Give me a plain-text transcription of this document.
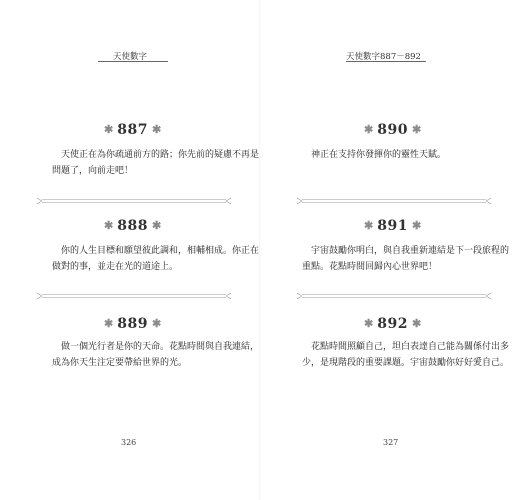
天使數字
✱ 887 ✱
天使正在為你疏通前方的路；你先前的疑慮不再是
問題了，向前走吧！
✱ 888 ✱
你的人生目標和願望彼此調和，相輔相成。你正在
做對的事，並走在光的道途上。
✱ 889 ✱
做一個光行者是你的天命。花點時間與自我連結，
成為你天生注定要帶給世界的光。
326
天使數字887－892
✱ 890 ✱
神正在支持你發揮你的靈性天賦。
✱ 891 ✱
宇宙鼓勵你明白，與自我重新連結是下一段旅程的
重點。花點時間回歸內心世界吧！
✱ 892 ✱
花點時間照顧自己，坦白表達自己能為關係付出多
少，是現階段的重要課題。宇宙鼓勵你好好愛自己。
327
